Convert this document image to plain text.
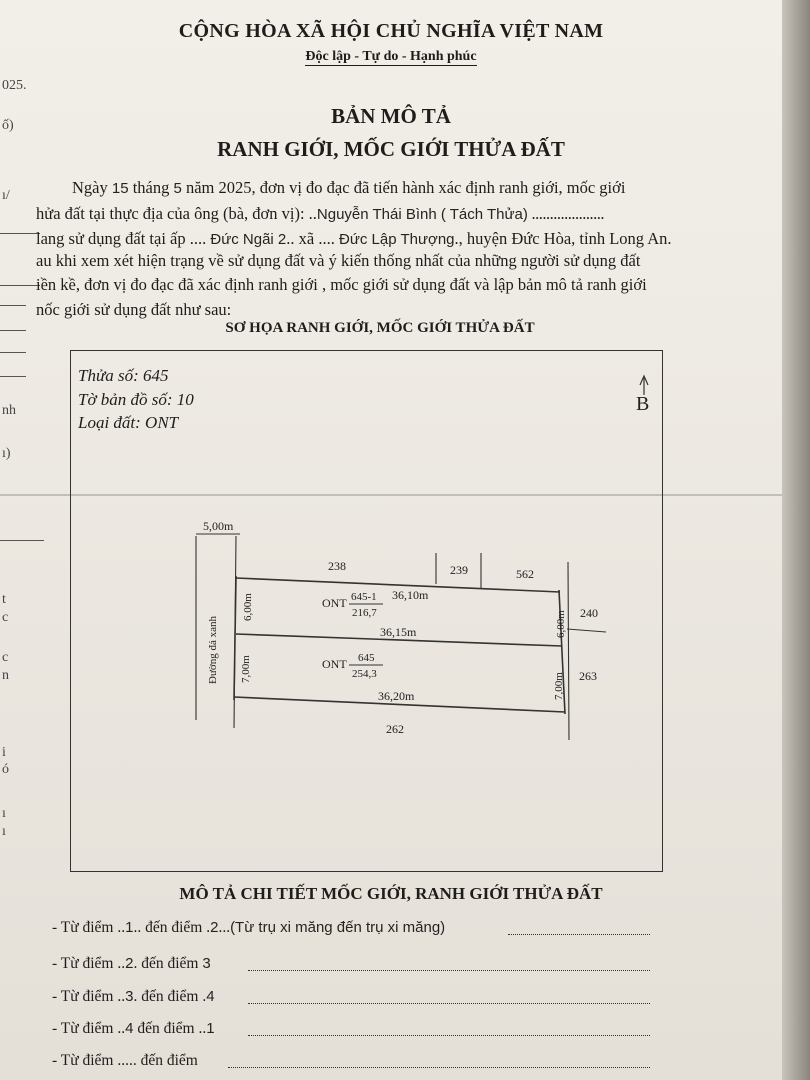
CỘNG HÒA XÃ HỘI CHỦ NGHĨA VIỆT NAM
Độc lập - Tự do - Hạnh phúc
BẢN MÔ TẢ
RANH GIỚI, MỐC GIỚI THỬA ĐẤT
025.
ố)
ı/
nh
ı)
t
c
c
n
i
ó
ı
ı
Ngày 15 tháng 5 năm 2025, đơn vị đo đạc đã tiến hành xác định ranh giới, mốc giới
hửa đất tại thực địa của ông (bà, đơn vị): ..Nguyễn Thái Bình ( Tách Thửa) ....................
lang sử dụng đất tại ấp .... Đức Ngãi 2.. xã .... Đức Lập Thượng., huyện Đức Hòa, tỉnh Long An.
au khi xem xét hiện trạng về sử dụng đất và ý kiến thống nhất của những người sử dụng đất
iền kề, đơn vị đo đạc đã xác định ranh giới , mốc giới sử dụng đất và lập bản mô tả ranh giới
nốc giới sử dụng đất như sau:
SƠ HỌA RANH GIỚI, MỐC GIỚI THỬA ĐẤT
Thửa số: 645
Tờ bản đồ số: 10
Loại đất: ONT
B
5,00m
Đường đá xanh
238	239	562
240
263
262
36,10m
36,15m
36,20m
6,00m
7,00m
6,00m
7,00m
ONT 645-1
216,7
ONT 645
254,3
MÔ TẢ CHI TIẾT MỐC GIỚI, RANH GIỚI THỬA ĐẤT
- Từ điểm ..1.. đến điểm .2...(Từ trụ xi măng đến trụ xi măng)
- Từ điểm ..2. đến điểm 3
- Từ điểm ..3. đến điểm .4
- Từ điểm ..4 đến điểm ..1
- Từ điểm ..... đến điểm
